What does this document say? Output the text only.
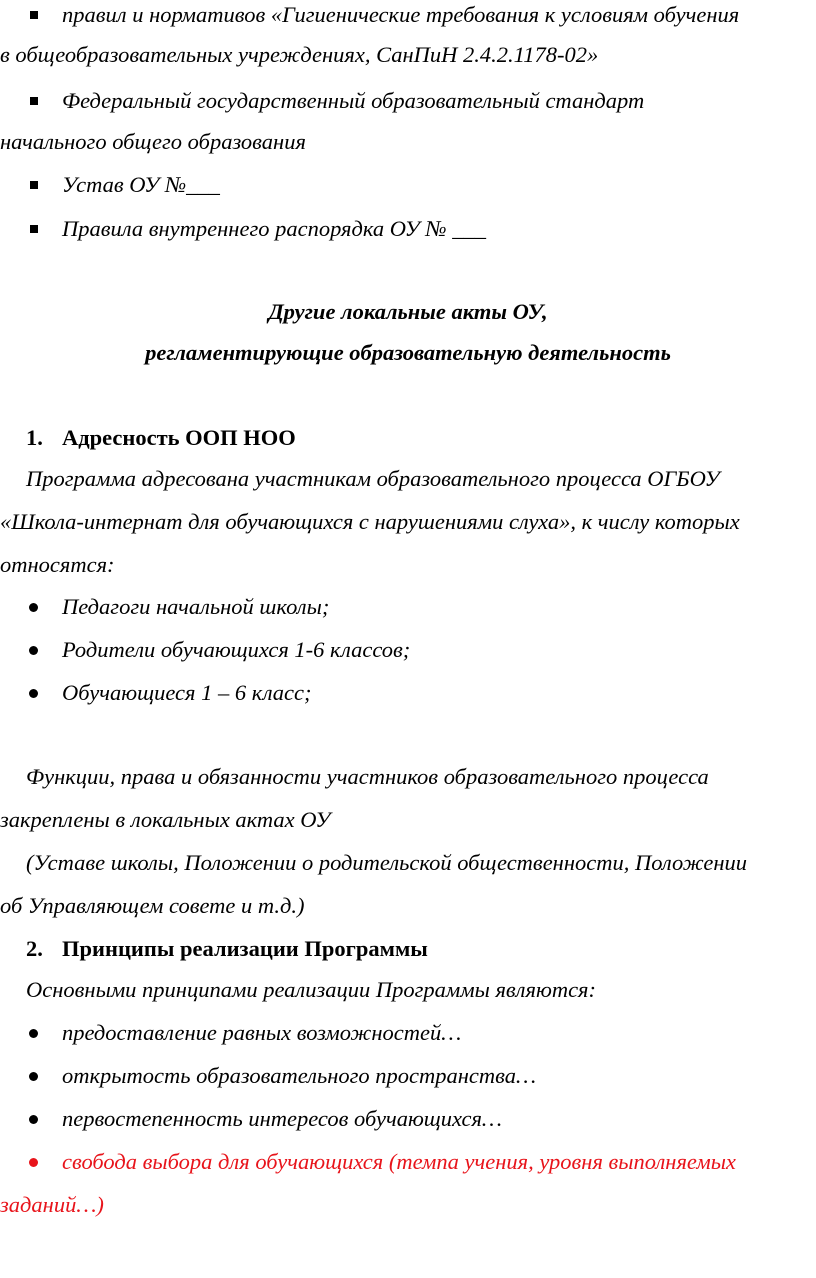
правил и нормативов «Гигиенические требования к условиям обучения
в общеобразовательных учреждениях, СанПиН 2.4.2.1178-02»
Федеральный государственный образовательный стандарт
начального общего образования
Устав ОУ №___
Правила внутреннего распорядка ОУ № ___
Другие локальные акты ОУ,
регламентирующие образовательную деятельность
1. Адресность ООП НОО
Программа адресована участникам образовательного процесса ОГБОУ
«Школа-интернат для обучающихся с нарушениями слуха», к числу которых
относятся:
Педагоги начальной школы;
Родители обучающихся 1-6 классов;
Обучающиеся 1 – 6 класс;
Функции, права и обязанности участников образовательного процесса
закреплены в локальных актах ОУ
(Уставе школы, Положении о родительской общественности, Положении
об Управляющем совете и т.д.)
2. Принципы реализации Программы
Основными принципами реализации Программы являются:
предоставление равных возможностей…
открытость образовательного пространства…
первостепенность интересов обучающихся…
свобода выбора для обучающихся (темпа учения, уровня выполняемых
заданий…)
